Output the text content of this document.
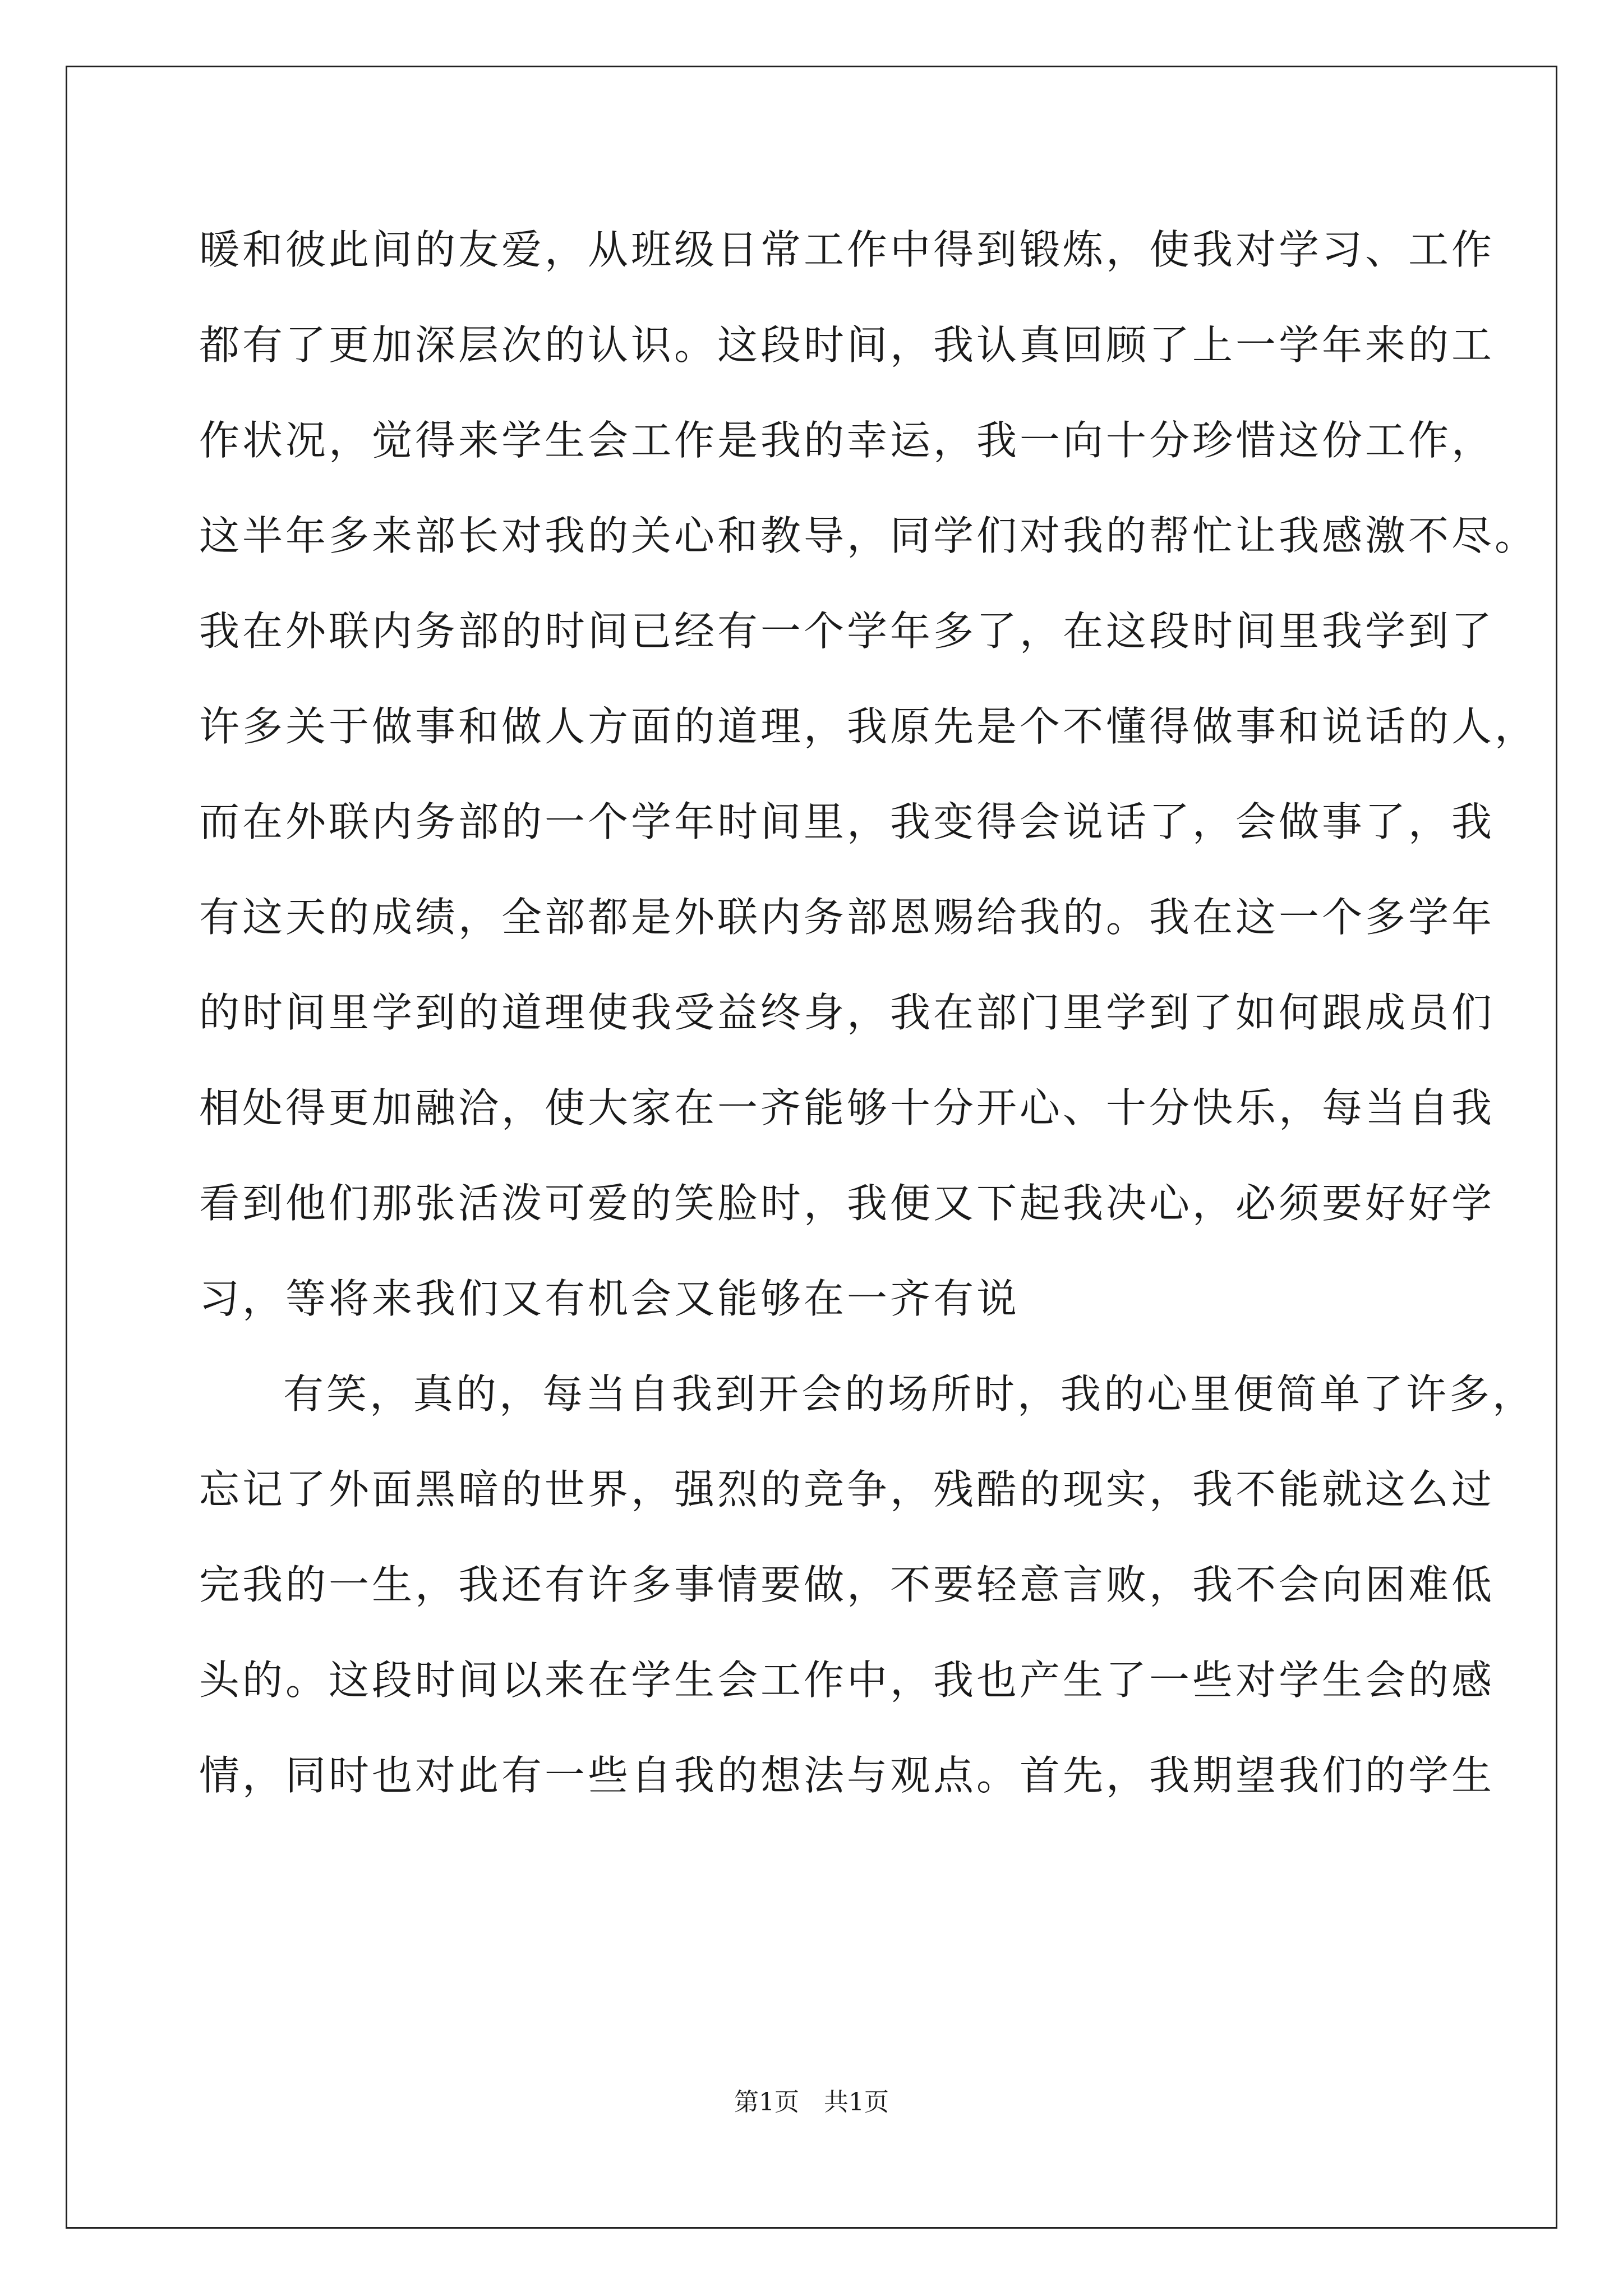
暖和彼此间的友爱，从班级日常工作中得到锻炼，使我对学习、工作
都有了更加深层次的认识。这段时间，我认真回顾了上一学年来的工
作状况，觉得来学生会工作是我的幸运，我一向十分珍惜这份工作，
这半年多来部长对我的关心和教导，同学们对我的帮忙让我感激不尽。
我在外联内务部的时间已经有一个学年多了，在这段时间里我学到了
许多关于做事和做人方面的道理，我原先是个不懂得做事和说话的人，
而在外联内务部的一个学年时间里，我变得会说话了，会做事了，我
有这天的成绩，全部都是外联内务部恩赐给我的。我在这一个多学年
的时间里学到的道理使我受益终身，我在部门里学到了如何跟成员们
相处得更加融洽，使大家在一齐能够十分开心、十分快乐，每当自我
看到他们那张活泼可爱的笑脸时，我便又下起我决心，必须要好好学
习，等将来我们又有机会又能够在一齐有说
有笑，真的，每当自我到开会的场所时，我的心里便简单了许多，
忘记了外面黑暗的世界，强烈的竞争，残酷的现实，我不能就这么过
完我的一生，我还有许多事情要做，不要轻意言败，我不会向困难低
头的。这段时间以来在学生会工作中，我也产生了一些对学生会的感
情，同时也对此有一些自我的想法与观点。首先，我期望我们的学生
第1页　共1页
